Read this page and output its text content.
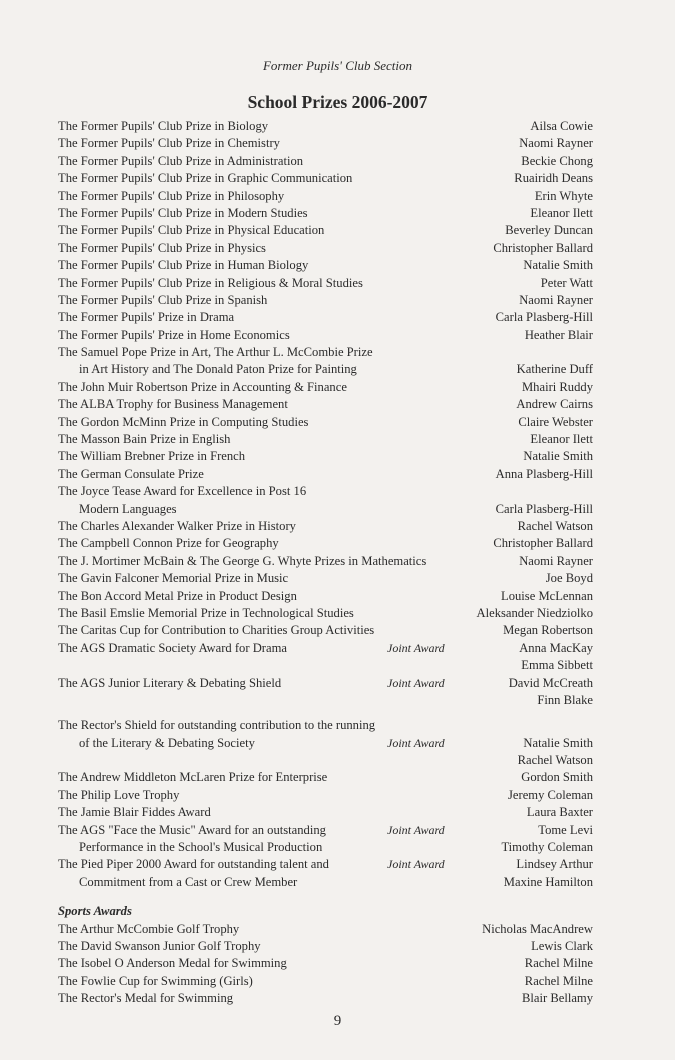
Former Pupils' Club Section
School Prizes 2006-2007
The Former Pupils' Club Prize in Biology	Ailsa Cowie
The Former Pupils' Club Prize in Chemistry	Naomi Rayner
The Former Pupils' Club Prize in Administration	Beckie Chong
The Former Pupils' Club Prize in Graphic Communication	Ruairidh Deans
The Former Pupils' Club Prize in Philosophy	Erin Whyte
The Former Pupils' Club Prize in Modern Studies	Eleanor Ilett
The Former Pupils' Club Prize in Physical Education	Beverley Duncan
The Former Pupils' Club Prize in Physics	Christopher Ballard
The Former Pupils' Club Prize in Human Biology	Natalie Smith
The Former Pupils' Club Prize in Religious & Moral Studies	Peter Watt
The Former Pupils' Club Prize in Spanish	Naomi Rayner
The Former Pupils' Prize in Drama	Carla Plasberg-Hill
The Former Pupils' Prize in Home Economics	Heather Blair
The Samuel Pope Prize in Art, The Arthur L. McCombie Prize
in Art History and The Donald Paton Prize for Painting	Katherine Duff
The John Muir Robertson Prize in Accounting & Finance	Mhairi Ruddy
The ALBA Trophy for Business Management	Andrew Cairns
The Gordon McMinn Prize in Computing Studies	Claire Webster
The Masson Bain Prize in English	Eleanor Ilett
The William Brebner Prize in French	Natalie Smith
The German Consulate Prize	Anna Plasberg-Hill
The Joyce Tease Award for Excellence in Post 16
Modern Languages	Carla Plasberg-Hill
The Charles Alexander Walker Prize in History	Rachel Watson
The Campbell Connon Prize for Geography	Christopher Ballard
The J. Mortimer McBain & The George G. Whyte Prizes in Mathematics	Naomi Rayner
The Gavin Falconer Memorial Prize in Music	Joe Boyd
The Bon Accord Metal Prize in Product Design	Louise McLennan
The Basil Emslie Memorial Prize in Technological Studies	Aleksander Niedziolko
The Caritas Cup for Contribution to Charities Group Activities	Megan Robertson
The AGS Dramatic Society Award for Drama	Joint Award	Anna MacKay
Emma Sibbett
The AGS Junior Literary & Debating Shield	Joint Award	David McCreath
Finn Blake
The Rector's Shield for outstanding contribution to the running
of the Literary & Debating Society	Joint Award	Natalie Smith
Rachel Watson
The Andrew Middleton McLaren Prize for Enterprise	Gordon Smith
The Philip Love Trophy	Jeremy Coleman
The Jamie Blair Fiddes Award	Laura Baxter
The AGS "Face the Music" Award for an outstanding	Joint Award	Tome Levi
Performance in the School's Musical Production	Timothy Coleman
The Pied Piper 2000 Award for outstanding talent and	Joint Award	Lindsey Arthur
Commitment from a Cast or Crew Member	Maxine Hamilton
Sports Awards
The Arthur McCombie Golf Trophy	Nicholas MacAndrew
The David Swanson Junior Golf Trophy	Lewis Clark
The Isobel O Anderson Medal for Swimming	Rachel Milne
The Fowlie Cup for Swimming (Girls)	Rachel Milne
The Rector's Medal for Swimming	Blair Bellamy
9
